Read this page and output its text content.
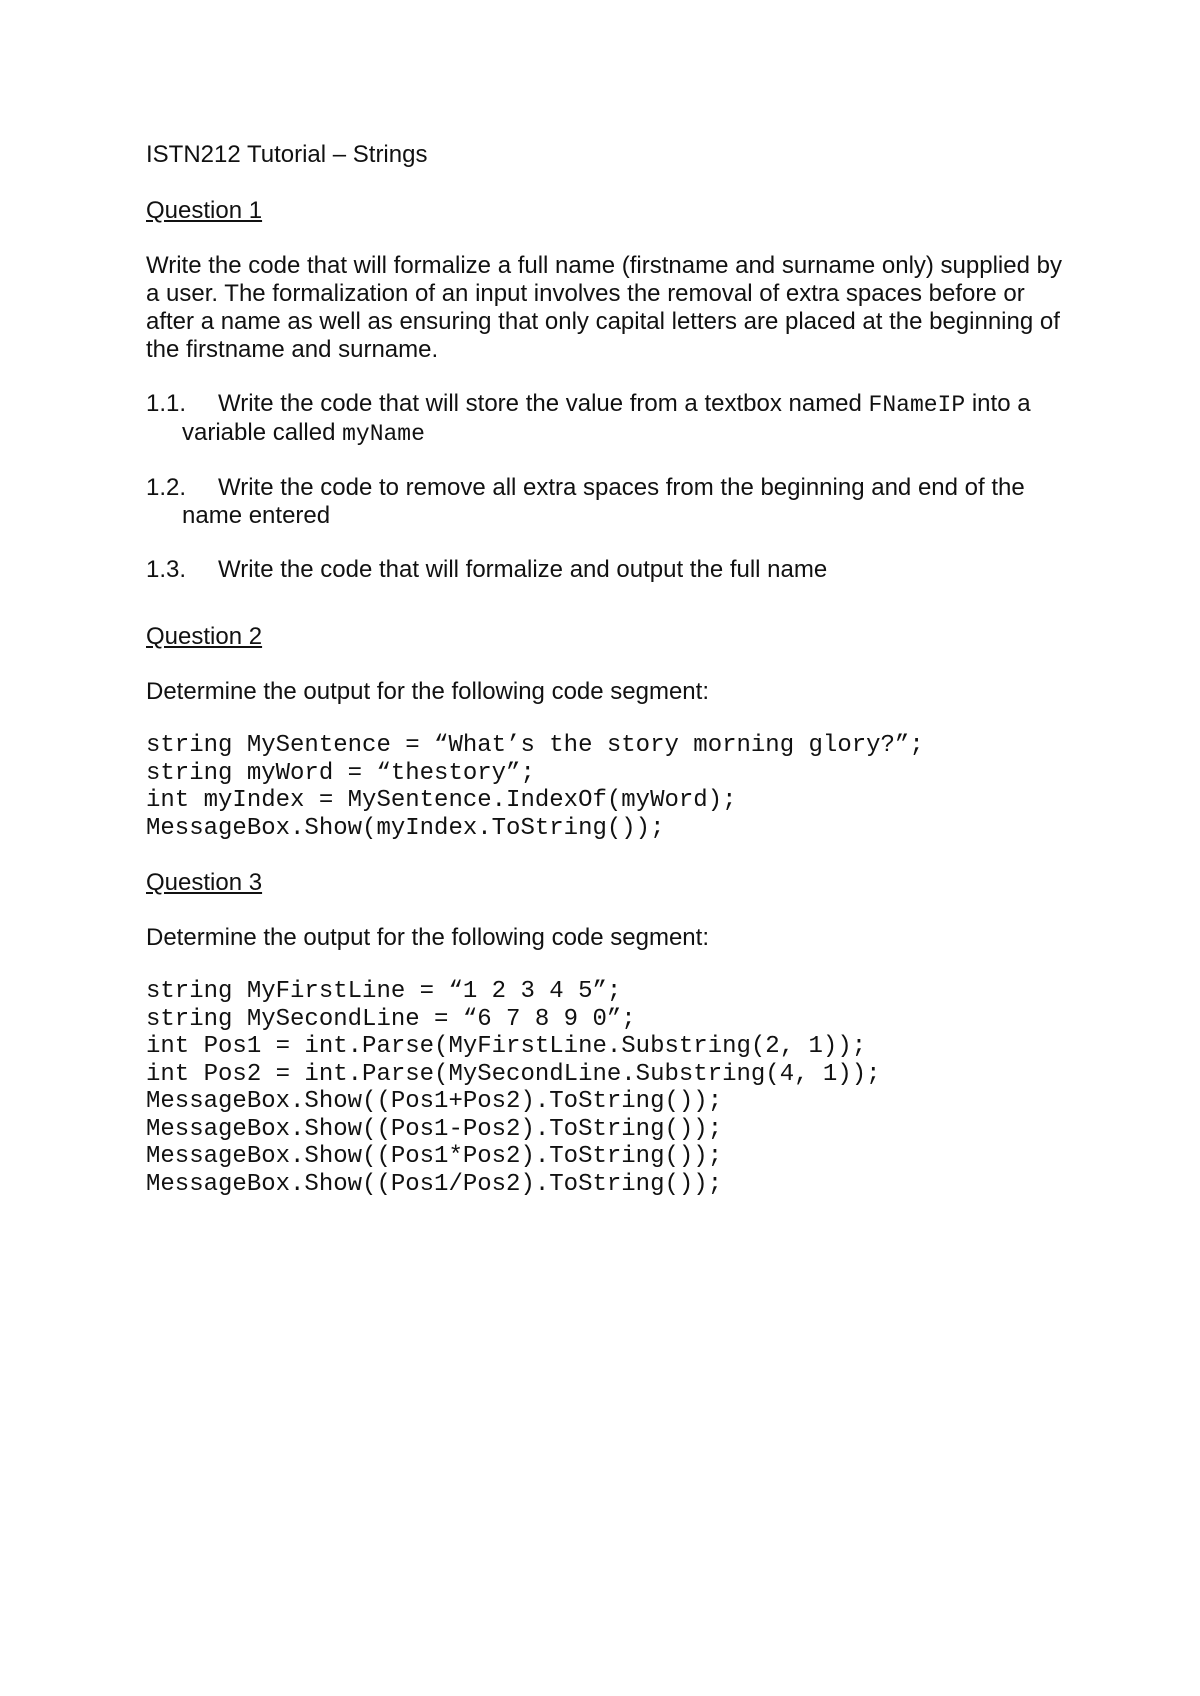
ISTN212 Tutorial – Strings
Question 1
Write the code that will formalize a full name (firstname and surname only) supplied by a user. The formalization of an input involves the removal of extra spaces before or after a name as well as ensuring that only capital letters are placed at the beginning of the firstname and surname.
1.1.	Write the code that will store the value from a textbox named FNameIP into a variable called myName
1.2.	Write the code to remove all extra spaces from the beginning and end of the name entered
1.3.	Write the code that will formalize and output the full name
Question 2
Determine the output for the following code segment:
string MySentence = “What’s the story morning glory?”;
string myWord = “thestory”;
int myIndex = MySentence.IndexOf(myWord);
MessageBox.Show(myIndex.ToString());
Question 3
Determine the output for the following code segment:
string MyFirstLine = “1 2 3 4 5”;
string MySecondLine = “6 7 8 9 0”;
int Pos1 = int.Parse(MyFirstLine.Substring(2, 1));
int Pos2 = int.Parse(MySecondLine.Substring(4, 1));
MessageBox.Show((Pos1+Pos2).ToString());
MessageBox.Show((Pos1-Pos2).ToString());
MessageBox.Show((Pos1*Pos2).ToString());
MessageBox.Show((Pos1/Pos2).ToString());
